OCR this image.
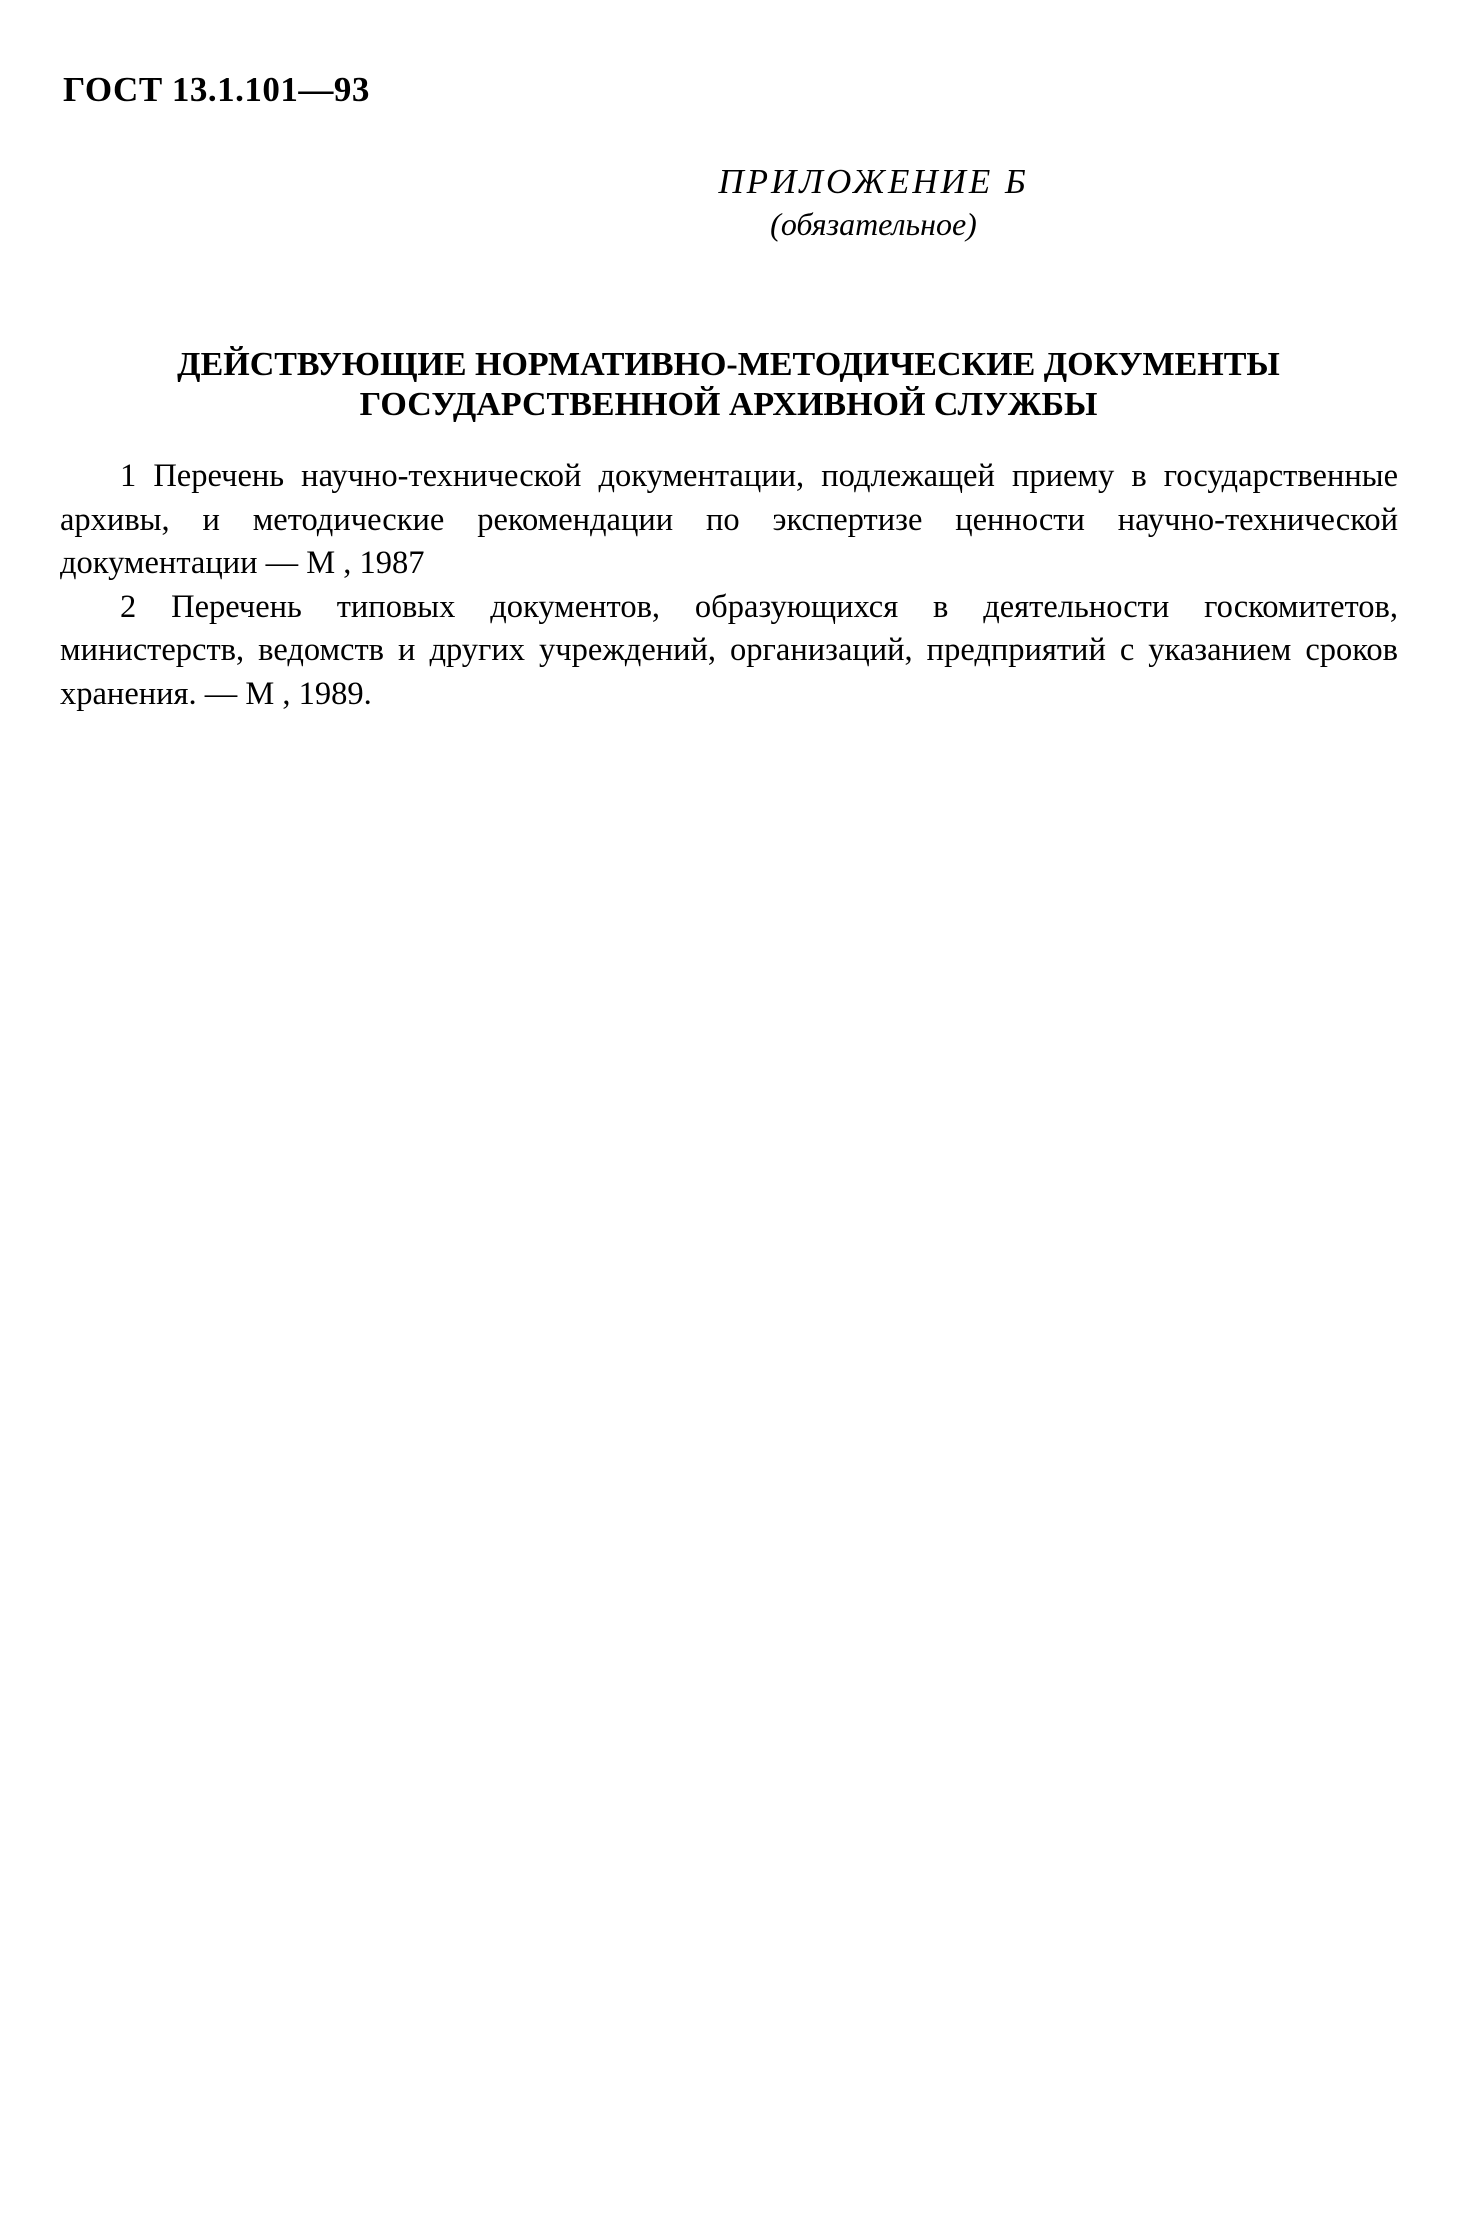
ГОСТ 13.1.101—93
ПРИЛОЖЕНИЕ Б
(обязательное)
ДЕЙСТВУЮЩИЕ НОРМАТИВНО-МЕТОДИЧЕСКИЕ ДОКУМЕНТЫ
ГОСУДАРСТВЕННОЙ АРХИВНОЙ СЛУЖБЫ

1 Перечень научно-технической документации, подлежащей приему в государственные архивы, и методические рекомендации по экспертизе ценности научно-технической документации — М , 1987

2 Перечень типовых документов, образующихся в деятельности госкомитетов, министерств, ведомств и других учреждений, организаций, предприятий с указанием сроков хранения. — М , 1989.
